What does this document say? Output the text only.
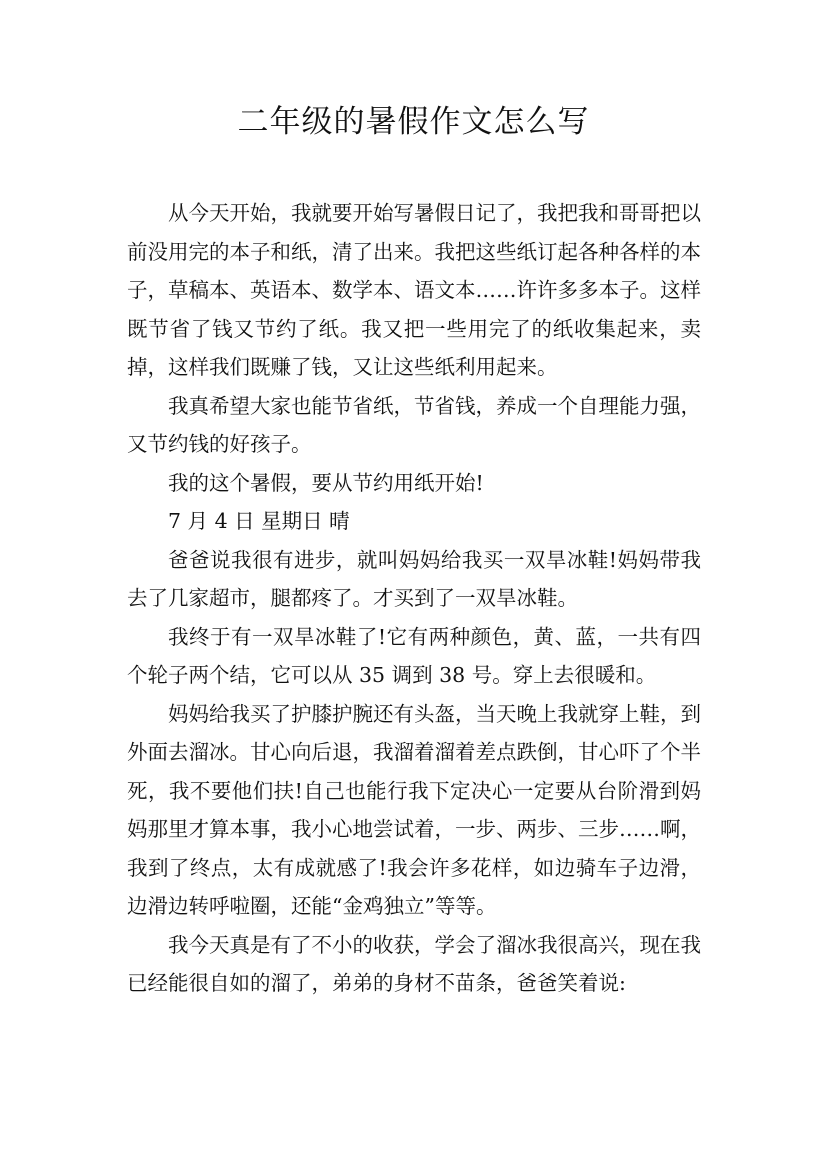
二年级的暑假作文怎么写

从今天开始，我就要开始写暑假日记了，我把我和哥哥把以前没用完的本子和纸，清了出来。我把这些纸订起各种各样的本子，草稿本、英语本、数学本、语文本……许许多多本子。这样既节省了钱又节约了纸。我又把一些用完了的纸收集起来，卖掉，这样我们既赚了钱，又让这些纸利用起来。

我真希望大家也能节省纸，节省钱，养成一个自理能力强，又节约钱的好孩子。

我的这个暑假，要从节约用纸开始!

7 月 4 日 星期日 晴

爸爸说我很有进步，就叫妈妈给我买一双旱冰鞋!妈妈带我去了几家超市，腿都疼了。才买到了一双旱冰鞋。

我终于有一双旱冰鞋了!它有两种颜色，黄、蓝，一共有四个轮子两个结，它可以从 35 调到 38 号。穿上去很暖和。

妈妈给我买了护膝护腕还有头盔，当天晚上我就穿上鞋，到外面去溜冰。甘心向后退，我溜着溜着差点跌倒，甘心吓了个半死，我不要他们扶!自己也能行我下定决心一定要从台阶滑到妈妈那里才算本事，我小心地尝试着，一步、两步、三步……啊，我到了终点，太有成就感了!我会许多花样，如边骑车子边滑，边滑边转呼啦圈，还能“金鸡独立”等等。

我今天真是有了不小的收获，学会了溜冰我很高兴，现在我已经能很自如的溜了，弟弟的身材不苗条，爸爸笑着说:
